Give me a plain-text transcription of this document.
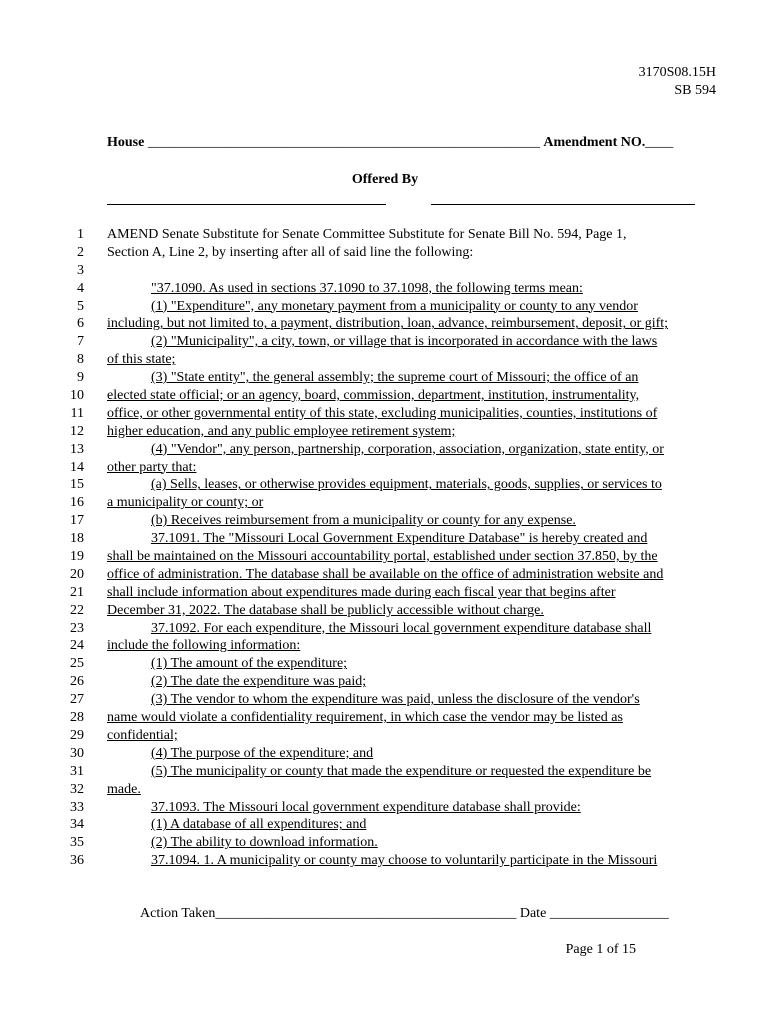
3170S08.15H
SB 594
House ________________________________________________________ Amendment NO.____
Offered By
1 AMEND Senate Substitute for Senate Committee Substitute for Senate Bill No. 594, Page 1,
2 Section A, Line 2, by inserting after all of said line the following:
3
4	"37.1090. As used in sections 37.1090 to 37.1098, the following terms mean:
5	(1) "Expenditure", any monetary payment from a municipality or county to any vendor
6 including, but not limited to, a payment, distribution, loan, advance, reimbursement, deposit, or gift;
7	(2) "Municipality", a city, town, or village that is incorporated in accordance with the laws
8 of this state;
9	(3) "State entity", the general assembly; the supreme court of Missouri; the office of an
10 elected state official; or an agency, board, commission, department, institution, instrumentality,
11 office, or other governmental entity of this state, excluding municipalities, counties, institutions of
12 higher education, and any public employee retirement system;
13	(4) "Vendor", any person, partnership, corporation, association, organization, state entity, or
14 other party that:
15	(a) Sells, leases, or otherwise provides equipment, materials, goods, supplies, or services to
16 a municipality or county; or
17	(b) Receives reimbursement from a municipality or county for any expense.
18	37.1091. The "Missouri Local Government Expenditure Database" is hereby created and
19 shall be maintained on the Missouri accountability portal, established under section 37.850, by the
20 office of administration. The database shall be available on the office of administration website and
21 shall include information about expenditures made during each fiscal year that begins after
22 December 31, 2022. The database shall be publicly accessible without charge.
23	37.1092. For each expenditure, the Missouri local government expenditure database shall
24 include the following information:
25	(1) The amount of the expenditure;
26	(2) The date the expenditure was paid;
27	(3) The vendor to whom the expenditure was paid, unless the disclosure of the vendor's
28 name would violate a confidentiality requirement, in which case the vendor may be listed as
29 confidential;
30	(4) The purpose of the expenditure; and
31	(5) The municipality or county that made the expenditure or requested the expenditure be
32 made.
33	37.1093. The Missouri local government expenditure database shall provide:
34	(1) A database of all expenditures; and
35	(2) The ability to download information.
36	37.1094. 1. A municipality or county may choose to voluntarily participate in the Missouri
Action Taken___________________________________________ Date _________________
Page 1 of 15
